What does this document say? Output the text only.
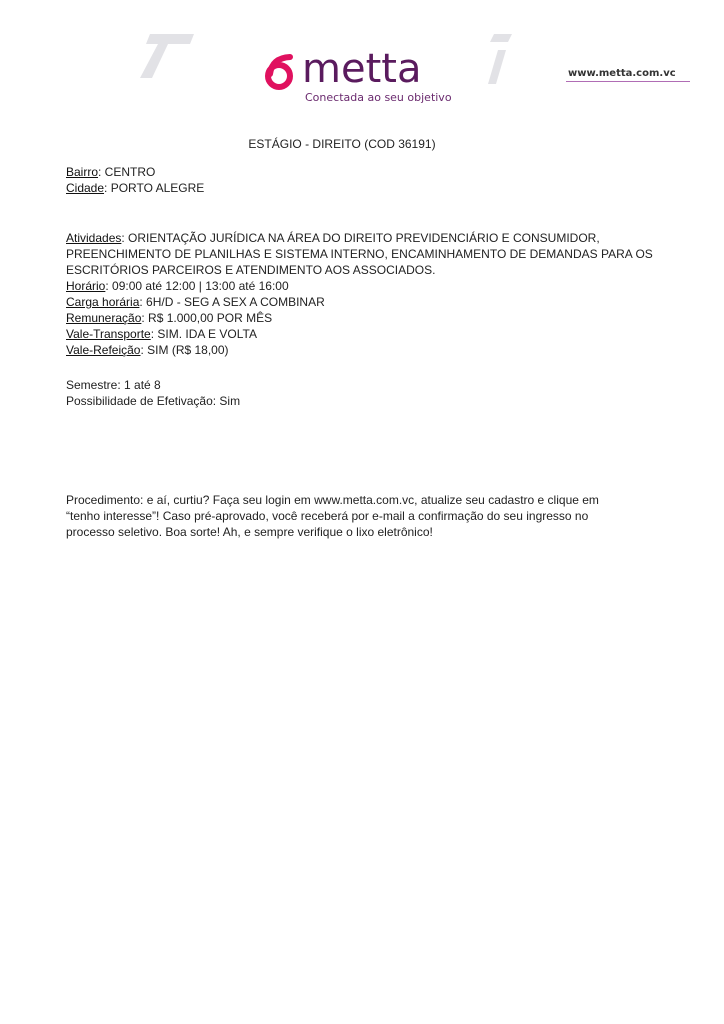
metta
Conectada ao seu objetivo
www.metta.com.vc
ESTÁGIO - DIREITO (COD 36191)
Bairro: CENTRO
Cidade: PORTO ALEGRE
Atividades: ORIENTAÇÃO JURÍDICA NA ÁREA DO DIREITO PREVIDENCIÁRIO E CONSUMIDOR,
PREENCHIMENTO DE PLANILHAS E SISTEMA INTERNO, ENCAMINHAMENTO DE DEMANDAS PARA OS
ESCRITÓRIOS PARCEIROS E ATENDIMENTO AOS ASSOCIADOS.
Horário: 09:00 até 12:00 | 13:00 até 16:00
Carga horária: 6H/D - SEG A SEX A COMBINAR
Remuneração: R$ 1.000,00 POR MÊS
Vale-Transporte: SIM. IDA E VOLTA
Vale-Refeição: SIM (R$ 18,00)
Semestre: 1 até 8
Possibilidade de Efetivação: Sim
Procedimento: e aí, curtiu? Faça seu login em www.metta.com.vc, atualize seu cadastro e clique em
“tenho interesse”! Caso pré-aprovado, você receberá por e-mail a confirmação do seu ingresso no
processo seletivo. Boa sorte! Ah, e sempre verifique o lixo eletrônico!
